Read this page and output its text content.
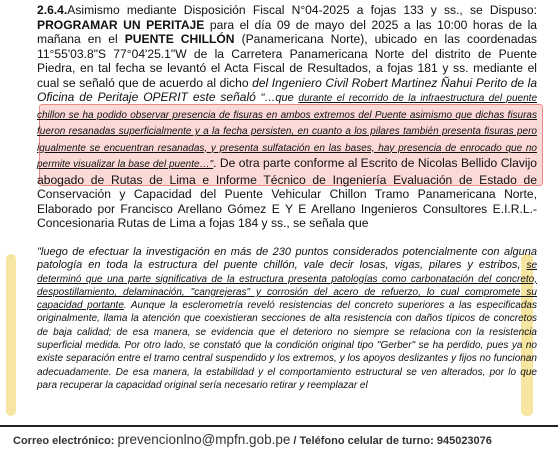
2.6.4.Asimismo mediante Disposición Fiscal N°04-2025 a fojas 133 y ss., se Dispuso: PROGRAMAR UN PERITAJE para el día 09 de mayo del 2025 a las 10:00 horas de la mañana en el PUENTE CHILLÓN (Panamericana Norte), ubicado en las coordenadas 11°55'03.8"S 77°04'25.1"W de la Carretera Panamericana Norte del distrito de Puente Piedra, en tal fecha se levantó el Acta Fiscal de Resultados, a fojas 181 y ss. mediante el cual se señaló que de acuerdo al dicho del Ingeniero Civil Robert Martinez Ñahui Perito de la Oficina de Peritaje OPERIT este señaló "…que durante el recorrido de la infraestructura del puente chillon se ha podido observar presencia de fisuras en ambos extremos del Puente asimismo que dichas fisuras fueron resanadas superficialmente y a la fecha persisten, en cuanto a los pilares también presenta fisuras pero igualmente se encuentran resanadas, y presenta sulfatación en las bases, hay presencia de enrocado que no permite visualizar la base del puente…". De otra parte conforme al Escrito de Nicolas Bellido Clavijo abogado de Rutas de Lima e Informe Técnico de Ingeniería Evaluación de Estado de Conservación y Capacidad del Puente Vehicular Chillon Tramo Panamericana Norte, Elaborado por Francisco Arellano Gómez E Y E Arellano Ingenieros Consultores E.I.R.L.-Concesionaria Rutas de Lima a fojas 184 y ss., se señala que

"luego de efectuar la investigación en más de 230 puntos considerados potencialmente con alguna patología en toda la estructura del puente chillón, vale decir losas, vigas, pilares y estribos, se determinó que una parte significativa de la estructura presenta patologías como carbonatación del concreto, despostillamiento, delaminación, "cangrejeras" y corrosión del acero de refuerzo, lo cual compromete su capacidad portante. Aunque la esclerometría reveló resistencias del concreto superiores a las especificadas originalmente, llama la atención que coexistieran secciones de alta resistencia con daños típicos de concretos de baja calidad; de esa manera, se evidencia que el deterioro no siempre se relaciona con la resistencia superficial medida. Por otro lado, se constató que la condición original tipo "Gerber" se ha perdido, pues ya no existe separación entre el tramo central suspendido y los extremos, y los apoyos deslizantes y fijos no funcionan adecuadamente. De esa manera, la estabilidad y el comportamiento estructural se ven alterados, por lo que para recuperar la capacidad original sería necesario retirar y reemplazar el

Correo electrónico: prevencionlno@mpfn.gob.pe / Teléfono celular de turno: 945023076
